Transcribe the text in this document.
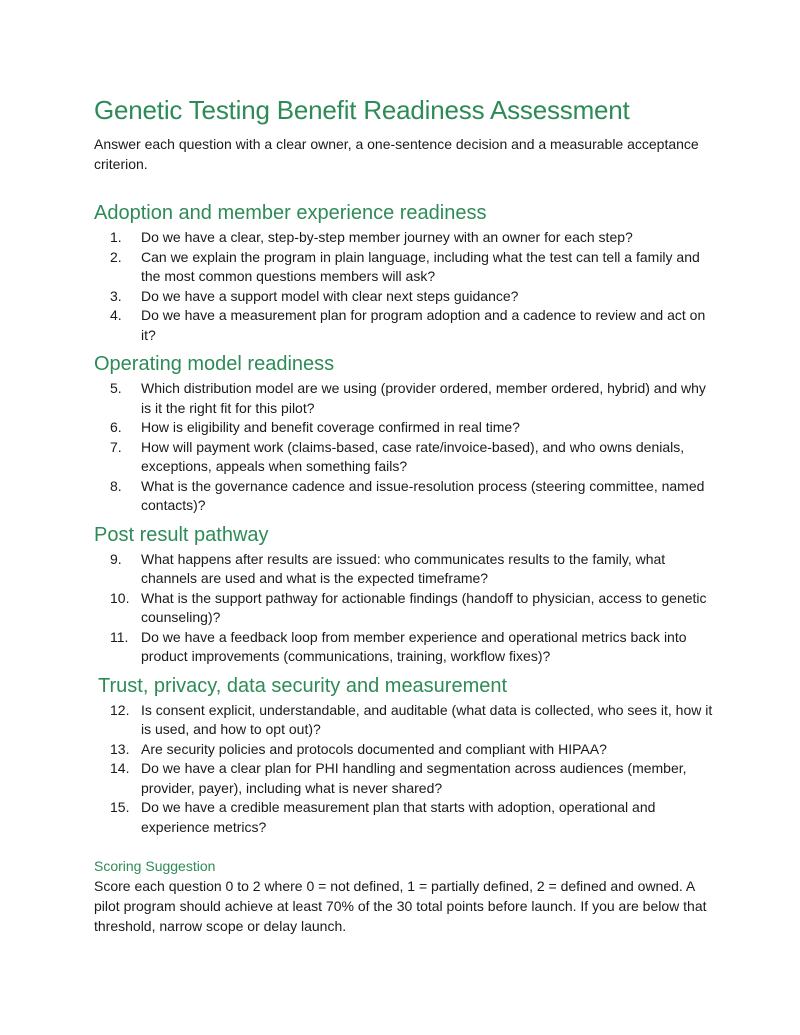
Genetic Testing Benefit Readiness Assessment

Answer each question with a clear owner, a one-sentence decision and a measurable acceptance criterion.

Adoption and member experience readiness
1.	Do we have a clear, step-by-step member journey with an owner for each step?
2.	Can we explain the program in plain language, including what the test can tell a family and the most common questions members will ask?
3.	Do we have a support model with clear next steps guidance?
4.	Do we have a measurement plan for program adoption and a cadence to review and act on it?
Operating model readiness
5.	Which distribution model are we using (provider ordered, member ordered, hybrid) and why is it the right fit for this pilot?
6.	How is eligibility and benefit coverage confirmed in real time?
7.	How will payment work (claims-based, case rate/invoice-based), and who owns denials, exceptions, appeals when something fails?
8.	What is the governance cadence and issue-resolution process (steering committee, named contacts)?
Post result pathway
9.	What happens after results are issued: who communicates results to the family, what channels are used and what is the expected timeframe?
10. What is the support pathway for actionable findings (handoff to physician, access to genetic counseling)?
11. Do we have a feedback loop from member experience and operational metrics back into product improvements (communications, training, workflow fixes)?
Trust, privacy, data security and measurement
12. Is consent explicit, understandable, and auditable (what data is collected, who sees it, how it is used, and how to opt out)?
13. Are security policies and protocols documented and compliant with HIPAA?
14. Do we have a clear plan for PHI handling and segmentation across audiences (member, provider, payer), including what is never shared?
15. Do we have a credible measurement plan that starts with adoption, operational and experience metrics?
Scoring Suggestion

Score each question 0 to 2 where 0 = not defined, 1 = partially defined, 2 = defined and owned. A pilot program should achieve at least 70% of the 30 total points before launch. If you are below that threshold, narrow scope or delay launch.
